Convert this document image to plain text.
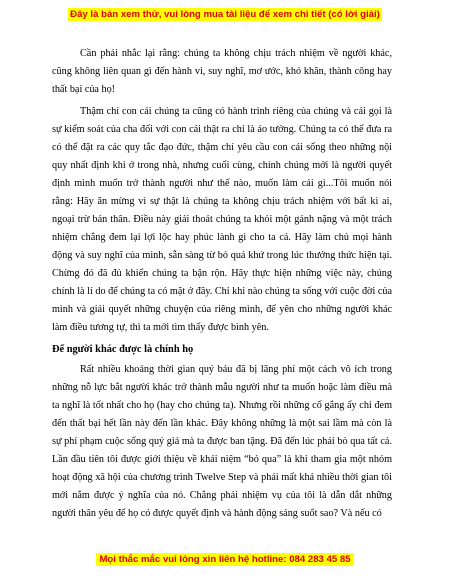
Đây là bản xem thử, vui lòng mua tài liệu để xem chi tiết (có lời giải)

Cần phải nhắc lại rằng: chúng ta không chịu trách nhiệm về người khác, cũng không liên quan gì đến hành vi, suy nghĩ, mơ ước, khó khăn, thành công hay thất bại của họ!

Thậm chí con cái chúng ta cũng có hành trình riêng của chúng và cái gọi là sự kiểm soát của cha đối với con cái thật ra chỉ là ảo tưởng. Chúng ta có thể đưa ra có thể đặt ra các quy tắc đạo đức, thậm chí yêu cầu con cái sống theo những nội quy nhất định khi ở trong nhà, nhưng cuối cùng, chính chúng mới là người quyết định mình muốn trở thành người như thế nào, muốn làm cái gì...Tôi muốn nói rằng: Hãy ăn mừng vì sự thật là chúng ta không chịu trách nhiệm với bất kì ai, ngoại trừ bản thân. Điều này giải thoát chúng ta khỏi một gánh nặng và một trách nhiệm chẳng đem lại lợi lộc hay phúc lành gì cho ta cả. Hãy làm chủ mọi hành động và suy nghĩ của mình, sẵn sàng từ bỏ quá khứ trong lúc thưởng thức hiện tại. Chừng đó đã đủ khiến chúng ta bận rộn. Hãy thực hiện những việc này, chúng chính là lí do để chúng ta có mặt ở đây. Chỉ khi nào chúng ta sống với cuộc đời của mình và giải quyết những chuyện của riêng mình, để yên cho những người khác làm điều tương tự, thì ta mới tìm thấy được bình yên.

Để người khác được là chính họ

Rất nhiều khoảng thời gian quý báu đã bị lãng phí một cách vô ích trong những nỗ lực bắt người khác trở thành mẫu người như ta muốn hoặc làm điều mà ta nghĩ là tốt nhất cho họ (hay cho chúng ta). Nhưng rồi những cố gắng ấy chỉ đem đến thất bại hết lần này đến lần khác. Đây không những là một sai lầm mà còn là sự phí phạm cuộc sống quý giá mà ta được ban tặng. Đã đến lúc phải bỏ qua tất cả. Lần đầu tiên tôi được giới thiệu về khái niệm “bỏ qua” là khi tham gia một nhóm hoạt động xã hội của chương trình Twelve Step và phải mất khá nhiều thời gian tôi mới nắm được ý nghĩa của nó. Chẳng phải nhiệm vụ của tôi là dẫn dắt những người thân yêu để họ có được quyết định và hành động sáng suốt sao? Và nếu có

Mọi thắc mắc vui lòng xin liên hệ hotline: 084 283 45 85
